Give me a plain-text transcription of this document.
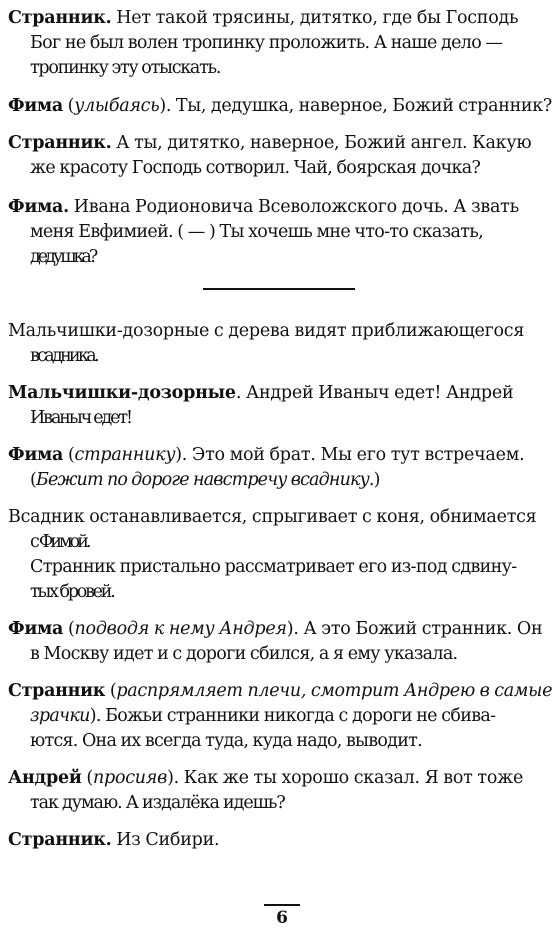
Странник. Нет такой трясины, дитятко, где бы Господь
Бог не был волен тропинку проложить. А наше дело —
тропинку эту отыскать.
Фима (улыбаясь). Ты, дедушка, наверное, Божий странник?
Странник. А ты, дитятко, наверное, Божий ангел. Какую
же красоту Господь сотворил. Чай, боярская дочка?
Фима. Ивана Родионовича Всеволожского дочь. А звать
меня Евфимией. ( — ) Ты хочешь мне что-то сказать,
дедушка?
Мальчишки-дозорные с дерева видят приближающегося
всадника.
Мальчишки-дозорные. Андрей Иваныч едет! Андрей
Иваныч едет!
Фима (страннику). Это мой брат. Мы его тут встречаем.
(Бежит по дороге навстречу всаднику.)
Всадник останавливается, спрыгивает с коня, обнимается
с Фимой.
Странник пристально рассматривает его из-под сдвину-
тых бровей.
Фима (подводя к нему Андрея). А это Божий странник. Он
в Москву идет и с дороги сбился, а я ему указала.
Странник (распрямляет плечи, смотрит Андрею в самые
зрачки). Божьи странники никогда с дороги не сбива-
ются. Она их всегда туда, куда надо, выводит.
Андрей (просияв). Как же ты хорошо сказал. Я вот тоже
так думаю. А издалёка идешь?
Странник. Из Сибири.
6
